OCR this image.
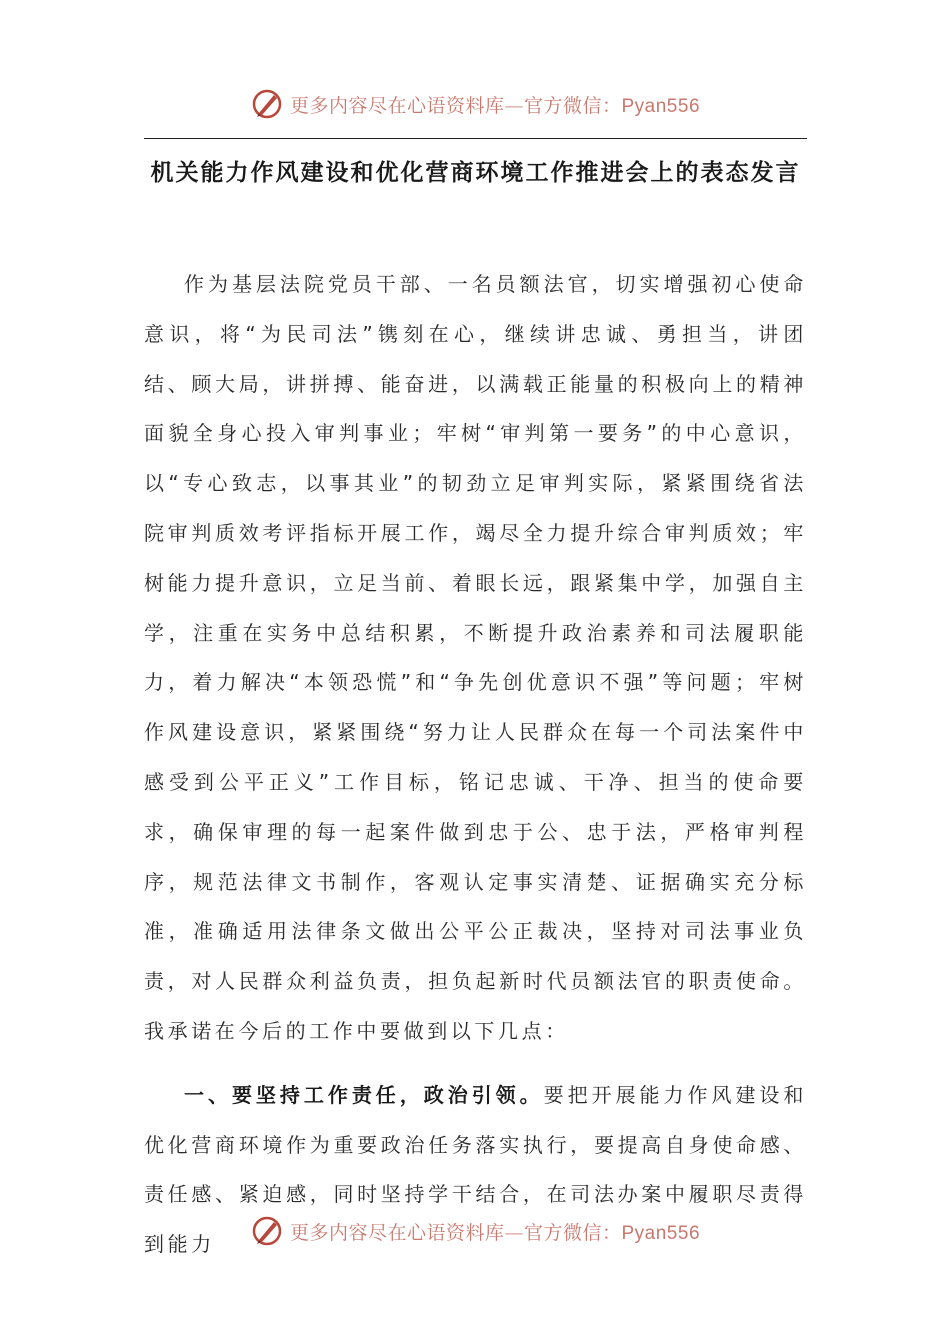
更多内容尽在心语资料库—官方微信：Pyan556
机关能力作风建设和优化营商环境工作推进会上的表态发言

作为基层法院党员干部、一名员额法官，切实增强初心使命意识，将“为民司法”镌刻在心，继续讲忠诚、勇担当，讲团结、顾大局，讲拼搏、能奋进，以满载正能量的积极向上的精神面貌全身心投入审判事业；牢树“审判第一要务”的中心意识，以“专心致志，以事其业”的韧劲立足审判实际，紧紧围绕省法院审判质效考评指标开展工作，竭尽全力提升综合审判质效；牢树能力提升意识，立足当前、着眼长远，跟紧集中学，加强自主学，注重在实务中总结积累，不断提升政治素养和司法履职能力，着力解决“本领恐慌”和“争先创优意识不强”等问题；牢树作风建设意识，紧紧围绕“努力让人民群众在每一个司法案件中感受到公平正义”工作目标，铭记忠诚、干净、担当的使命要求，确保审理的每一起案件做到忠于公、忠于法，严格审判程序，规范法律文书制作，客观认定事实清楚、证据确实充分标准，准确适用法律条文做出公平公正裁决，坚持对司法事业负责，对人民群众利益负责，担负起新时代员额法官的职责使命。我承诺在今后的工作中要做到以下几点：

一、要坚持工作责任，政治引领。要把开展能力作风建设和优化营商环境作为重要政治任务落实执行，要提高自身使命感、责任感、紧迫感，同时坚持学干结合，在司法办案中履职尽责得到能力	更多内容尽在心语资料库—官方微信：Pyan556
